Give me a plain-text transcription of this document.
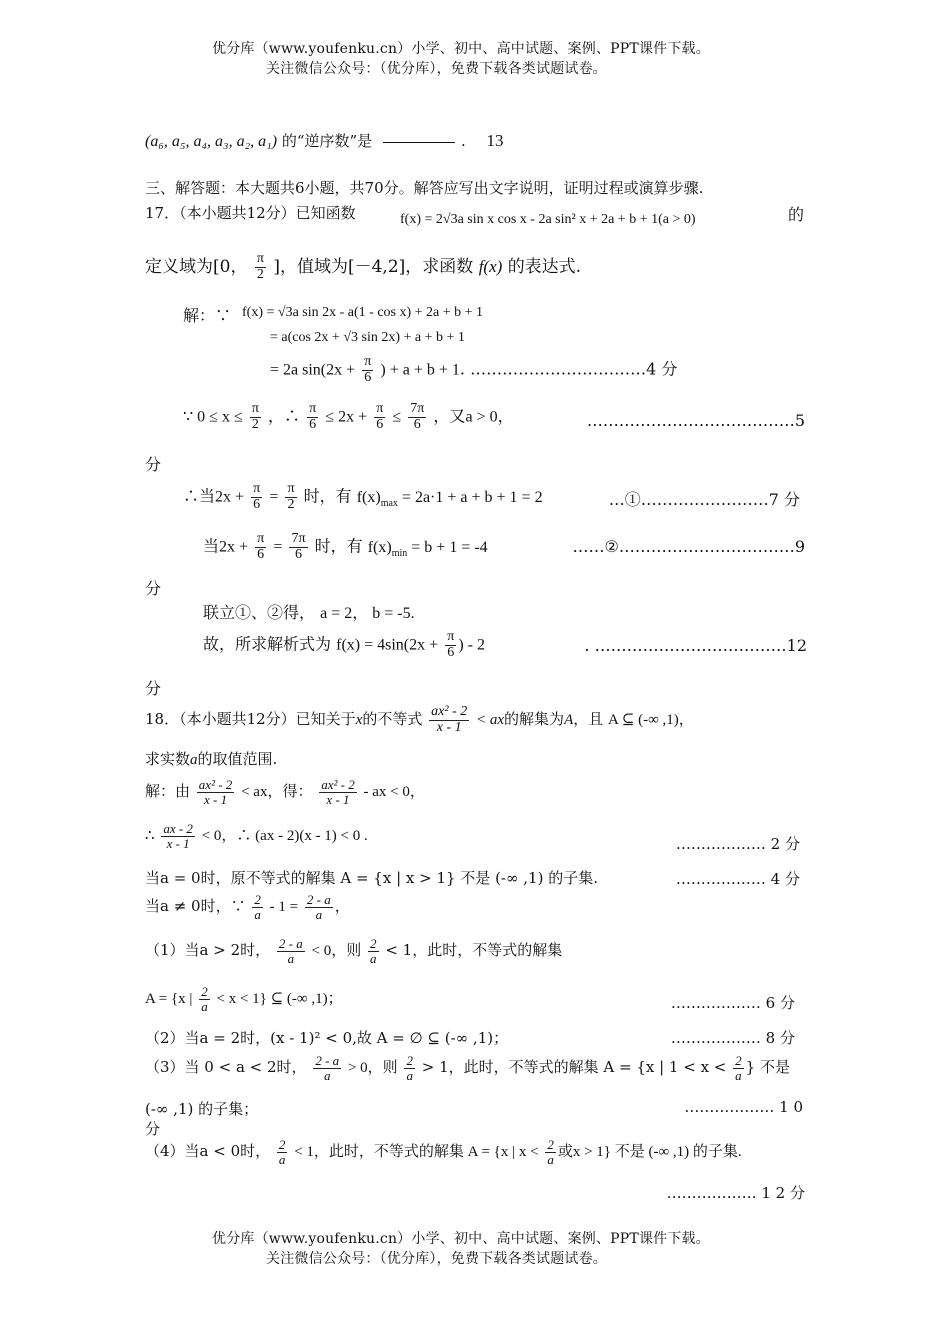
优分库（www.youfenku.cn）小学、初中、高中试题、案例、PPT课件下载。
关注微信公众号：（优分库），免费下载各类试题试卷。
(a₆, a₅, a₄, a₃, a₂, a₁) 的“逆序数”是	. 13
三、解答题：本大题共6小题，共70分。解答应写出文字说明，证明过程或演算步骤.
17．（本小题共12分）已知函数	f(x) = 2√3a sin x cos x - 2a sin² x + 2a + b + 1(a > 0)	的
定义域为[0， $\frac{\pi}{2}$ ]，值域为[－4,2]，求函数 f(x) 的表达式.
解：∵ f(x) = √3a sin 2x - a(1 - cos x) + 2a + b + 1
= a(cos 2x + √3 sin 2x) + a + b + 1
= 2a $\sin(2x + \frac{\pi}{6}$ ) + a + b + 1. ……………………………4 分
∵ $0 \le x \le \frac{\pi}{2}$ ，∴ $\frac{\pi}{6} \le 2x + \frac{\pi}{6} \le \frac{7\pi}{6}$ ，又a > 0，	…………………………………5
分
∴当$2x + \frac{\pi}{6} = \frac{\pi}{2}$ 时，有 $f(x)_{max} = 2a\cdot 1 + a + b + 1 = 2$	…①……………………7 分
当$2x + \frac{\pi}{6} = \frac{7\pi}{6}$ 时，有 $f(x)_{min} = b + 1 = -4$	……②……………………………9
分
联立①、②得， a = 2， b = -5.
故，所求解析式为 $f(x) = 4\sin(2x + \frac{\pi}{6}$ ) - 2	. ………………………………12
分
18．（本小题共12分）已知关于x的不等式 $\frac{\text{ax² - 2}}{x - 1}$ < ax的解集为A，且 A ⊆ (-∞ ,1)，
求实数a的取值范围.
解：由 $\frac{\text{ax² - 2}}{x - 1}$ < ax，得： $\frac{\text{ax² - 2}}{x - 1}$ - ax < 0，
∴ $\frac{ax - 2}{x - 1} < 0$，∴ (ax - 2)(x - 1) < 0 .	……………… 2 分
当a = 0时，原不等式的解集 A = {x | x > 1} 不是 (-∞ ,1) 的子集.	……………… 4 分
当a ≠ 0时，∵ $\frac{2}{a} - 1 = \frac{2 - a}{a}$ ，
（1）当a > 2时， $\frac{2 - a}{a} < 0$，则 $\frac{2}{a} < 1$，此时，不等式的解集
A = {x | $\frac{2}{a} < x < 1$} ⊆ (-∞ ,1)；	……………… 6 分
（2）当a = 2时，(x - 1)² < 0,故 A = ∅ ⊆ (-∞ ,1)；	……………… 8 分
（3）当 0 < a < 2时， $\frac{2 - a}{a} > 0$，则 $\frac{2}{a} > 1$，此时，不等式的解集 A = {x | $1 < x < \frac{2}{a}$ } 不是
(-∞ ,1) 的子集；	……………… 1 0
分
（4）当a < 0时， $\frac{2}{a} < 1$，此时，不等式的解集 A = {x | $x < \frac{2}{a}$ 或x > 1} 不是 (-∞ ,1) 的子集.
……………… 1 2 分
优分库（www.youfenku.cn）小学、初中、高中试题、案例、PPT课件下载。
关注微信公众号：（优分库），免费下载各类试题试卷。
